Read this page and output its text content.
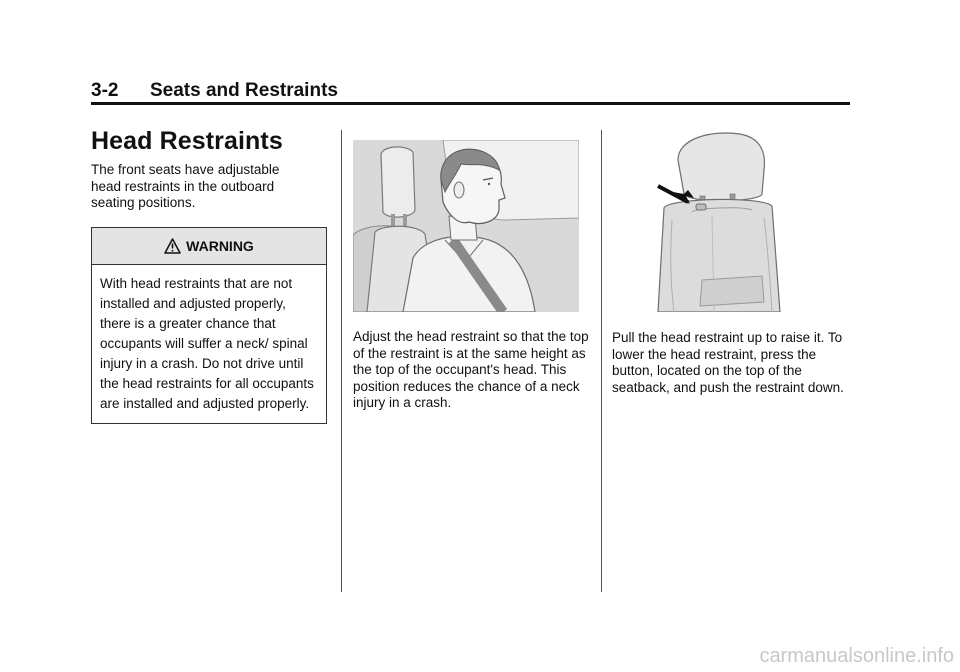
3-2 Seats and Restraints
Head Restraints

The front seats have adjustable head restraints in the outboard seating positions.

WARNING
With head restraints that are not installed and adjusted properly, there is a greater chance that occupants will suffer a neck/ spinal injury in a crash. Do not drive until the head restraints for all occupants are installed and adjusted properly.
Adjust the head restraint so that the top of the restraint is at the same height as the top of the occupant's head. This position reduces the chance of a neck injury in a crash.
Pull the head restraint up to raise it. To lower the head restraint, press the button, located on the top of the seatback, and push the restraint down.
carmanualsonline.info
